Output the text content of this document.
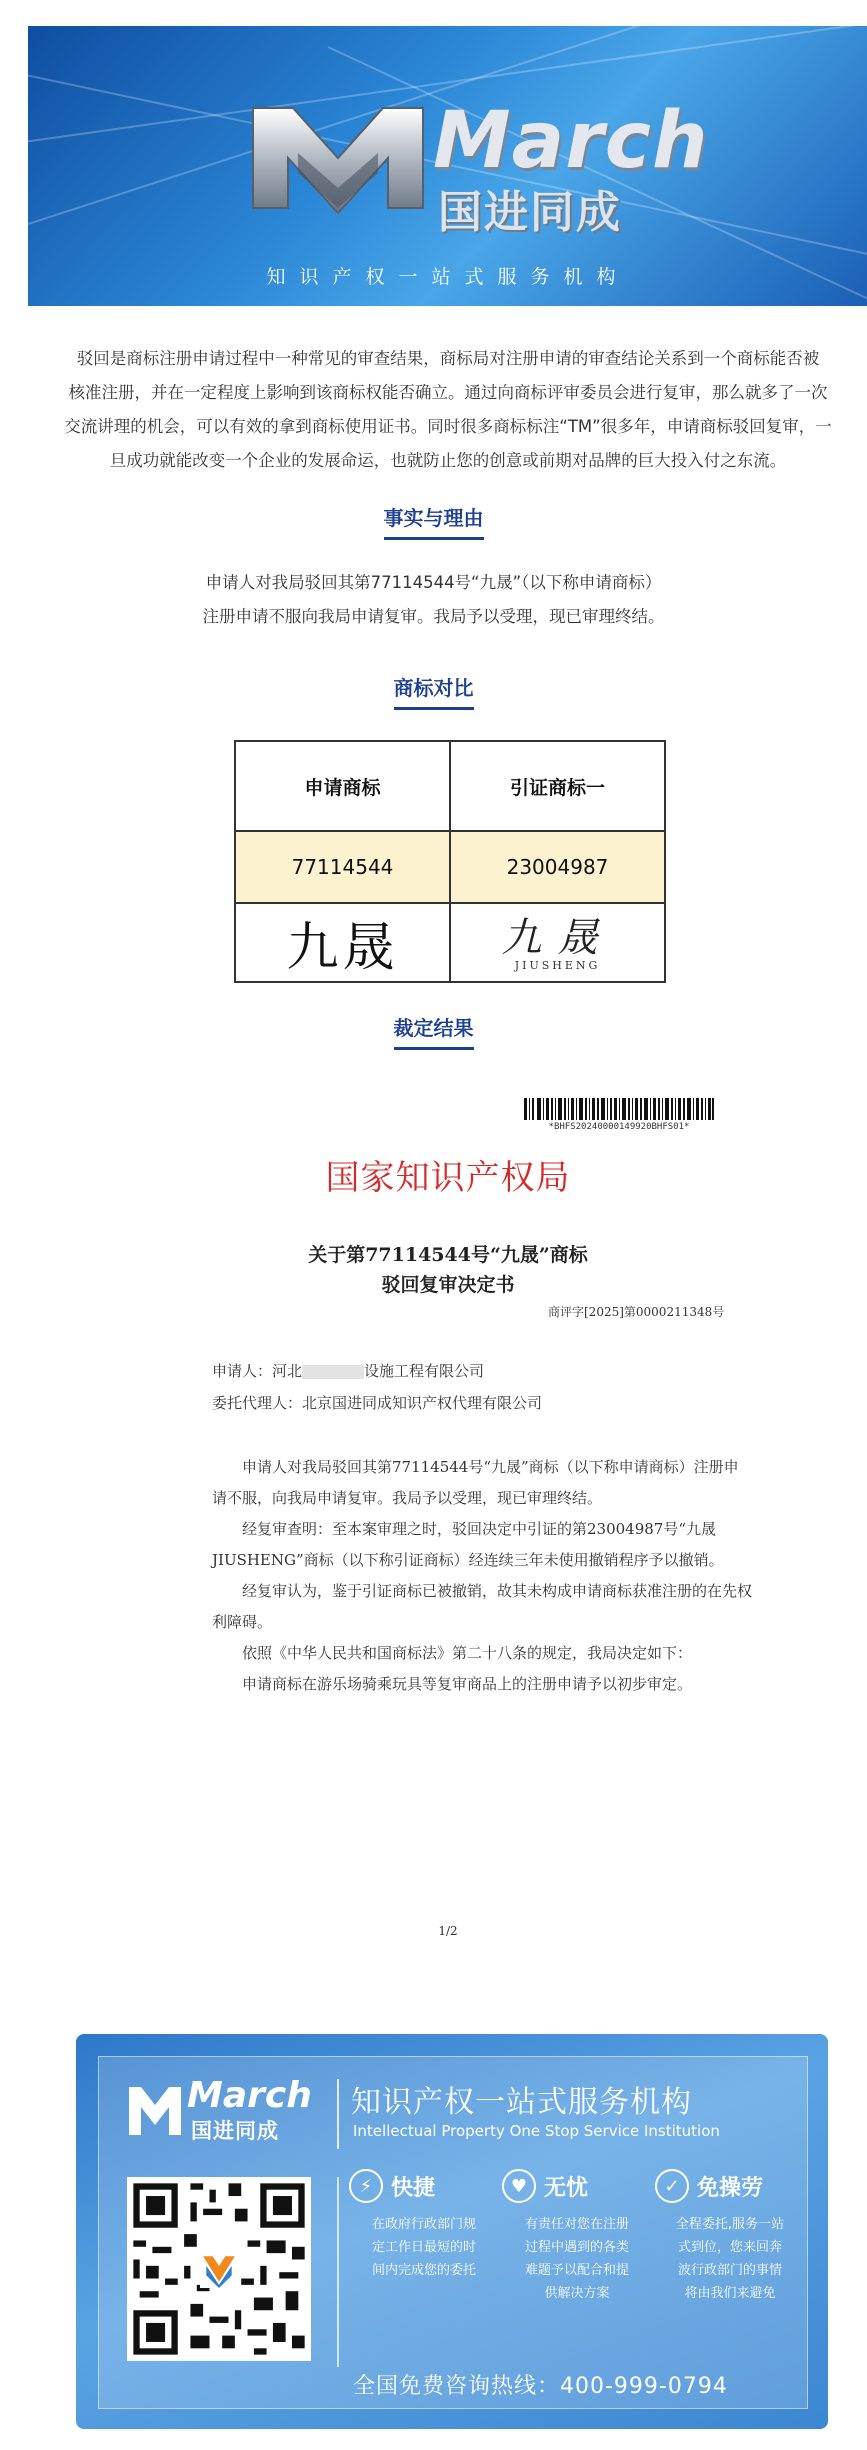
March
国进同成
知识产权一站式服务机构

驳回是商标注册申请过程中一种常见的审查结果，商标局对注册申请的审查结论关系到一个商标能否被

核准注册，并在一定程度上影响到该商标权能否确立。通过向商标评审委员会进行复审，那么就多了一次

交流讲理的机会，可以有效的拿到商标使用证书。同时很多商标标注“TM”很多年，申请商标驳回复审，一

旦成功就能改变一个企业的发展命运，也就防止您的创意或前期对品牌的巨大投入付之东流。

事实与理由

申请人对我局驳回其第77114544号“九晟”（以下称申请商标）

注册申请不服向我局申请复审。我局予以受理，现已审理终结。

商标对比
申请商标	引证商标一
77114544	23004987
九晟	九晟
JIUSHENG
裁定结果
*BHFS20240000149920BHFS01*
国家知识产权局
关于第77114544号“九晟”商标
驳回复审决定书
商评字[2025]第0000211348号
申请人：河北	设施工程有限公司
委托代理人：北京国进同成知识产权代理有限公司

申请人对我局驳回其第77114544号“九晟”商标（以下称申请商标）注册申请不服，向我局申请复审。我局予以受理，现已审理终结。

经复审查明：至本案审理之时，驳回决定中引证的第23004987号“九晟JIUSHENG”商标（以下称引证商标）经连续三年未使用撤销程序予以撤销。

经复审认为，鉴于引证商标已被撤销，故其未构成申请商标获准注册的在先权利障碍。

依照《中华人民共和国商标法》第二十八条的规定，我局决定如下：

申请商标在游乐场骑乘玩具等复审商品上的注册申请予以初步审定。

1/2
March
国进同成
知识产权一站式服务机构
Intellectual Property One Stop Service Institution
⚡ 快捷
在政府行政部门规
定工作日最短的时
间内完成您的委托
♥ 无忧
有责任对您在注册
过程中遇到的各类
难题予以配合和提
供解决方案
✓ 免操劳
全程委托,服务一站
式到位，您来回奔
波行政部门的事情
将由我们来避免
全国免费咨询热线：400-999-0794
